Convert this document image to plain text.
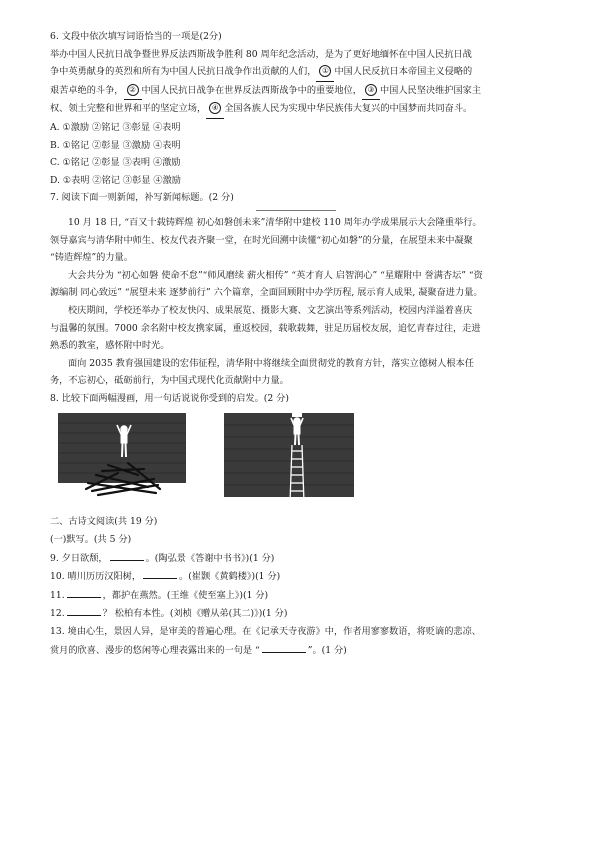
6. 文段中依次填写词语恰当的一项是(2分)
举办中国人民抗日战争暨世界反法西斯战争胜利 80 周年纪念活动，是为了更好地缅怀在中国人民抗日战
争中英勇献身的英烈和所有为中国人民抗日战争作出贡献的人们， ① 中国人民反抗日本帝国主义侵略的
艰苦卓绝的斗争， ② 中国人民抗日战争在世界反法西斯战争中的重要地位， ③ 中国人民坚决维护国家主
权、领土完整和世界和平的坚定立场， ④ 全国各族人民为实现中华民族伟大复兴的中国梦而共同奋斗。
A. ①激励 ②铭记 ③彰显 ④表明
B. ①铭记 ②彰显 ③激励 ④表明
C. ①铭记 ②彰显 ③表明 ④激励
D. ①表明 ②铭记 ③彰显 ④激励
7. 阅读下面一则新闻，补写新闻标题。(2 分)
10 月 18 日, “百又十载铸辉煌 初心如磐创未来”清华附中建校 110 周年办学成果展示大会隆重举行。
领导嘉宾与清华附中师生、校友代表齐聚一堂，在时光回溯中读懂“初心如磐”的分量，在展望未来中凝聚
“铸造辉煌”的力量。
大会共分为 “初心如磐 使命不怠”“师风磨续 薪火相传” “英才育人 启智润心” “星耀附中 誉满杏坛” “资
源编制 同心致远” “展望未来 逐梦前行” 六个篇章，全面回顾附中办学历程, 展示育人成果, 凝聚奋进力量。
校庆期间，学校还举办了校友快闪、成果展览、摄影大赛、文艺演出等系列活动，校园内洋溢着喜庆
与温馨的氛围。7000 余名附中校友携家属，重返校园，载歌载舞，驻足历届校友展，追忆青春过往，走进
熟悉的教室，感怀附中时光。
面向 2035 教育强国建设的宏伟征程，清华附中将继续全面贯彻党的教育方针，落实立德树人根本任
务，不忘初心，砥砺前行，为中国式现代化贡献附中力量。
8. 比较下面两幅漫画，用一句话说说你受到的启发。(2 分)
二、古诗文阅读(共 19 分)
(一)默写。(共 5 分)
9. 夕日欲颓，	。(陶弘景《答谢中书书》)(1 分)
10. 晴川历历汉阳树，	。(崔颢《黄鹤楼》)(1 分)
11.	，都护在燕然。(王维《使至塞上》)(1 分)
12.	？ 松柏有本性。(刘桢《赠从弟(其二)》)(1 分)
13. 境由心生，景因人异，是审美的普遍心理。在《记承天寺夜游》中，作者用寥寥数语，将贬谪的悲凉、
赏月的欣喜、漫步的悠闲等心理表露出来的一句是 “	”。(1 分)
